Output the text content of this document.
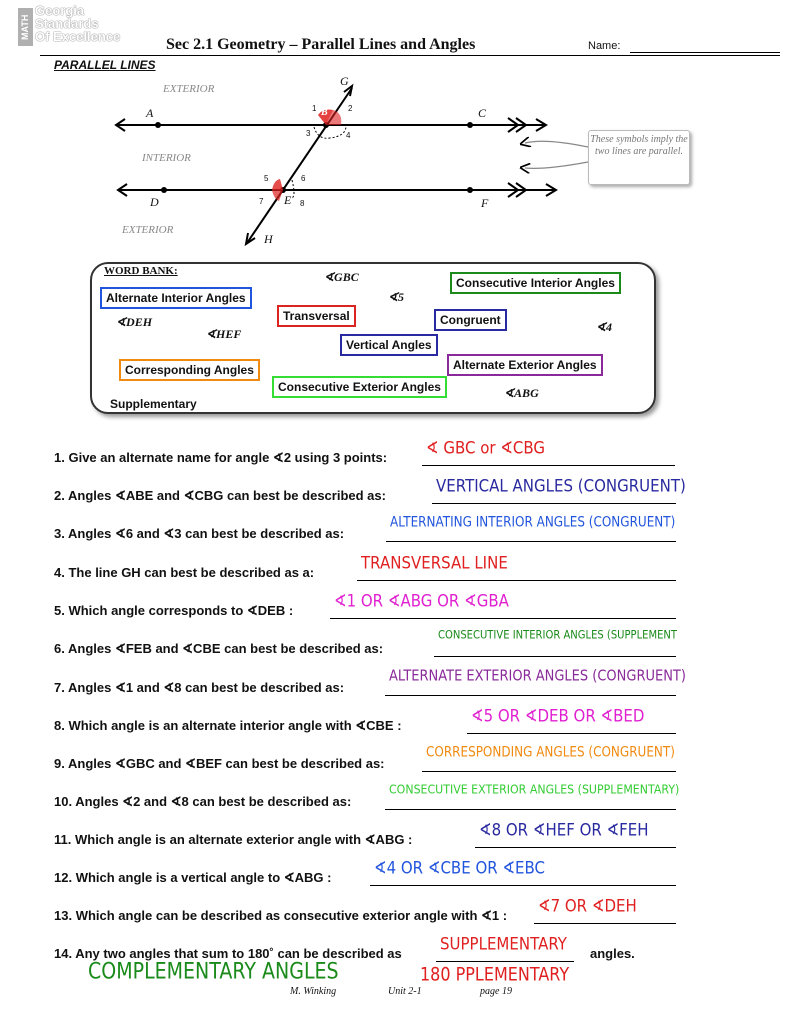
MATH
Georgia
Standards
Of Excellence	Sec 2.1 Geometry – Parallel Lines and Angles	Name:
PARALLEL LINES
EXTERIOR
INTERIOR
EXTERIOR
A	C
G
D	E	F
H
B
1	2
3	4
5	6
7	8
These symbols imply the two lines are parallel.
WORD BANK:
Alternate Interior Angles
Consecutive Interior Angles
Transversal	Congruent
Vertical Angles
Alternate Exterior Angles
Corresponding Angles
Consecutive Exterior Angles
Supplementary
∢GBC
∢5
∢DEH
∢HEF	∢4
∢ABG
1. Give an alternate name for angle ∢2 using 3 points:	∢ GBC or ∢CBG
2. Angles ∢ABE and ∢CBG can best be described as:	VERTICAL ANGLES (CONGRUENT)
3. Angles ∢6 and ∢3 can best be described as:
ALTERNATING INTERIOR ANGLES (CONGRUENT)
4. The line GH can best be described as a:	TRANSVERSAL LINE
5. Which angle corresponds to ∢DEB :	∢1 OR ∢ABG OR ∢GBA
6. Angles ∢FEB and ∢CBE can best be described as:
CONSECUTIVE INTERIOR ANGLES (SUPPLEMENT
7. Angles ∢1 and ∢8 can best be described as:
ALTERNATE EXTERIOR ANGLES (CONGRUENT)
8. Which angle is an alternate interior angle with ∢CBE :	∢5 OR ∢DEB OR ∢BED
9. Angles ∢GBC and ∢BEF can best be described as:
CORRESPONDING ANGLES (CONGRUENT)
10. Angles ∢2 and ∢8 can best be described as:
CONSECUTIVE EXTERIOR ANGLES (SUPPLEMENTARY)
11. Which angle is an alternate exterior angle with ∢ABG :	∢8 OR ∢HEF OR ∢FEH
12. Which angle is a vertical angle to ∢ABG :	∢4 OR ∢CBE OR ∢EBC
13. Which angle can be described as consecutive exterior angle with ∢1 : ∢7 OR ∢DEH
14. Any two angles that sum to 180˚ can be described as	SUPPLEMENTARY angles.
COMPLEMENTARY ANGLES	180 PPLEMENTARY
M. Winking	Unit 2-1	page 19
